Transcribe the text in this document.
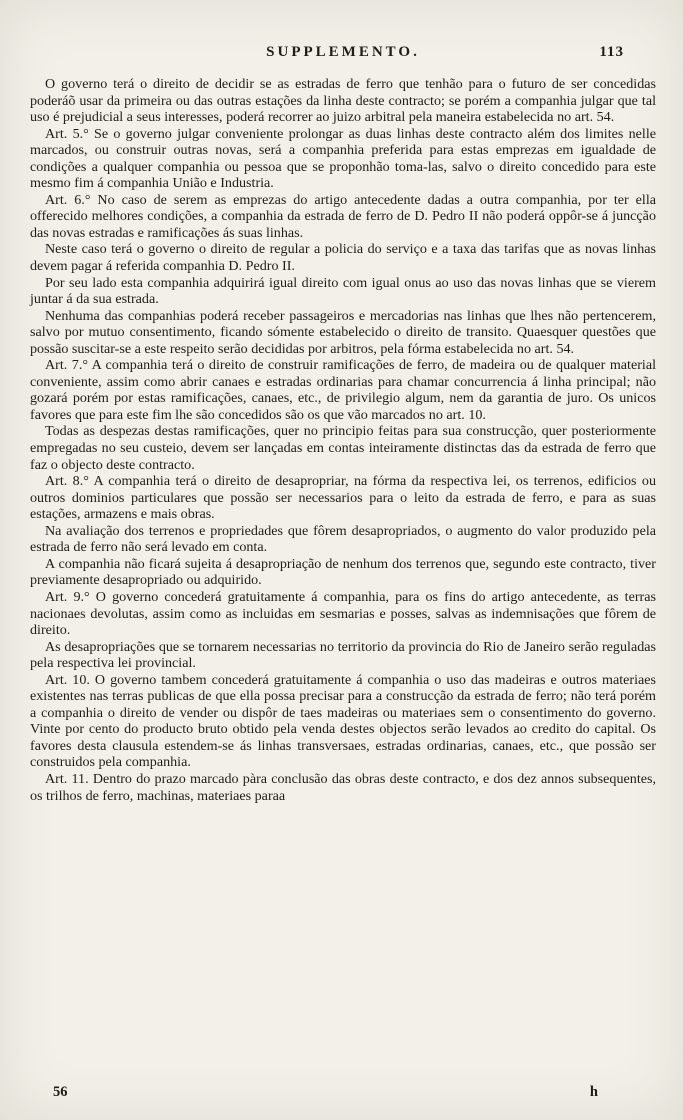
SUPPLEMENTO.	113

O governo terá o direito de decidir se as estradas de ferro que tenhão para o futuro de ser concedidas poderáõ usar da primeira ou das outras estações da linha deste contracto; se porém a companhia julgar que tal uso é prejudicial a seus interesses, poderá recorrer ao juizo arbitral pela maneira estabelecida no art. 54.

Art. 5.° Se o governo julgar conveniente prolongar as duas linhas deste contracto além dos limites nelle marcados, ou construir outras novas, será a companhia preferida para estas emprezas em igualdade de condições a qualquer companhia ou pessoa que se proponhão toma-las, salvo o direito concedido para este mesmo fim á companhia União e Industria.

Art. 6.° No caso de serem as emprezas do artigo antecedente dadas a outra companhia, por ter ella offerecido melhores condições, a companhia da estrada de ferro de D. Pedro II não poderá oppôr-se á juncção das novas estradas e ramificações ás suas linhas.

Neste caso terá o governo o direito de regular a policia do serviço e a taxa das tarifas que as novas linhas devem pagar á referida companhia D. Pedro II.

Por seu lado esta companhia adquirirá igual direito com igual onus ao uso das novas linhas que se vierem juntar á da sua estrada.

Nenhuma das companhias poderá receber passageiros e mercadorias nas linhas que lhes não pertencerem, salvo por mutuo consentimento, ficando sómente estabelecido o direito de transito. Quaesquer questões que possão suscitar-se a este respeito serão decididas por arbitros, pela fórma estabelecida no art. 54.

Art. 7.° A companhia terá o direito de construir ramificações de ferro, de madeira ou de qualquer material conveniente, assim como abrir canaes e estradas ordinarias para chamar concurrencia á linha principal; não gozará porém por estas ramificações, canaes, etc., de privilegio algum, nem da garantia de juro. Os unicos favores que para este fim lhe são concedidos são os que vão marcados no art. 10.

Todas as despezas destas ramificações, quer no principio feitas para sua construcção, quer posteriormente empregadas no seu custeio, devem ser lançadas em contas inteiramente distinctas das da estrada de ferro que faz o objecto deste contracto.

Art. 8.° A companhia terá o direito de desapropriar, na fórma da respectiva lei, os terrenos, edificios ou outros dominios particulares que possão ser necessarios para o leito da estrada de ferro, e para as suas estações, armazens e mais obras.

Na avaliação dos terrenos e propriedades que fôrem desapropriados, o augmento do valor produzido pela estrada de ferro não será levado em conta.

A companhia não ficará sujeita á desapropriação de nenhum dos terrenos que, segundo este contracto, tiver previamente desapropriado ou adquirido.

Art. 9.° O governo concederá gratuitamente á companhia, para os fins do artigo antecedente, as terras nacionaes devolutas, assim como as incluidas em sesmarias e posses, salvas as indemnisações que fôrem de direito.

As desapropriações que se tornarem necessarias no territorio da provincia do Rio de Janeiro serão reguladas pela respectiva lei provincial.

Art. 10. O governo tambem concederá gratuitamente á companhia o uso das madeiras e outros materiaes existentes nas terras publicas de que ella possa precisar para a construcção da estrada de ferro; não terá porém a companhia o direito de vender ou dispôr de taes madeiras ou materiaes sem o consentimento do governo. Vinte por cento do producto bruto obtido pela venda destes objectos serão levados ao credito do capital. Os favores desta clausula estendem-se ás linhas transversaes, estradas ordinarias, canaes, etc., que possão ser construidos pela companhia.

Art. 11. Dentro do prazo marcado pàra conclusão das obras deste contracto, e dos dez annos subsequentes, os trilhos de ferro, machinas, materiaes paraa

56	h
